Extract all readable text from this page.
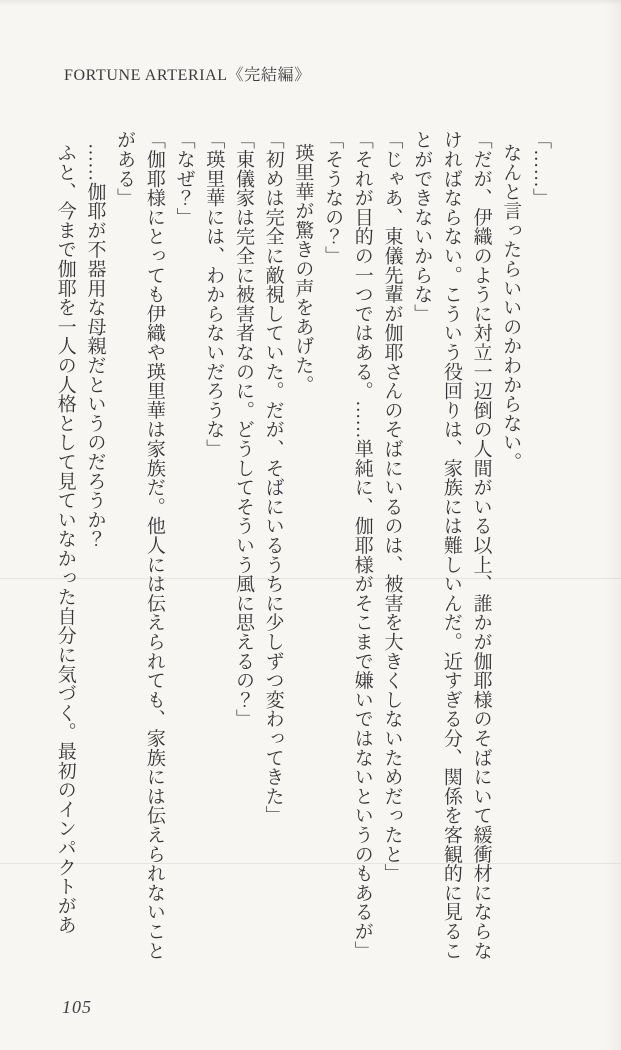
FORTUNE ARTERIAL《完結編》

「……」

なんと言ったらいいのかわからない。

「だが、伊織のように対立一辺倒の人間がいる以上、誰かが伽耶様のそばにいて緩衝材にならなければならない。こういう役回りは、家族には難しいんだ。近すぎる分、関係を客観的に見ることができないからな」

「じゃあ、東儀先輩が伽耶さんのそばにいるのは、被害を大きくしないためだったと」

「それが目的の一つではある。……単純に、伽耶様がそこまで嫌いではないというのもあるが」

「そうなの？」

瑛里華が驚きの声をあげた。

「初めは完全に敵視していた。だが、そばにいるうちに少しずつ変わってきた」

「東儀家は完全に被害者なのに。どうしてそういう風に思えるの？」

「瑛里華には、わからないだろうな」

「なぜ？」

「伽耶様にとっても伊織や瑛里華は家族だ。他人には伝えられても、家族には伝えられないことがある」

……伽耶が不器用な母親だというのだろうか？

ふと、今まで伽耶を一人の人格として見ていなかった自分に気づく。最初のインパクトがあ

105
